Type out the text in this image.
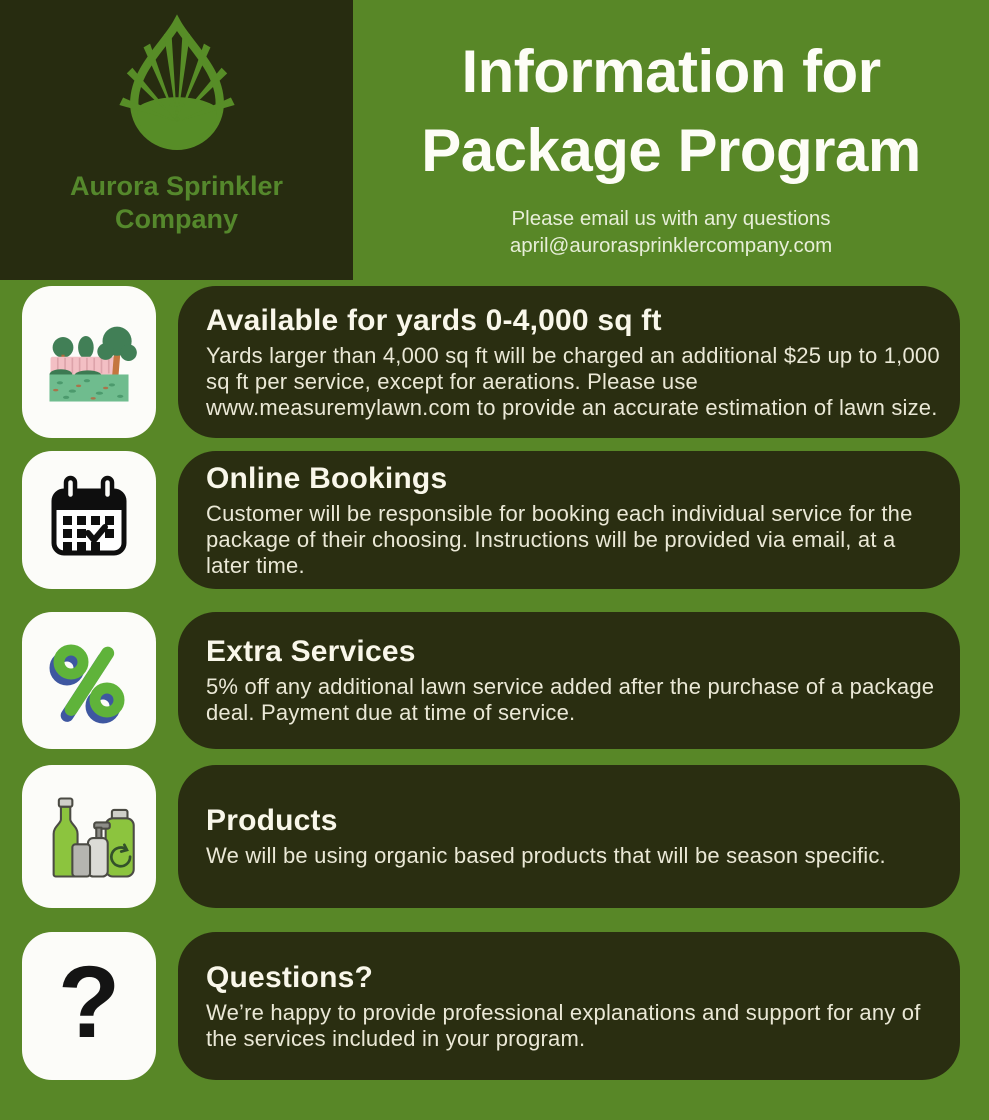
Aurora Sprinkler
Company
Information for
Package Program
Please email us with any questions
april@aurorasprinklercompany.com
Available for yards 0-4,000 sq ft

Yards larger than 4,000 sq ft will be charged an additional $25 up to 1,000 sq ft per service, except for aerations. Please use www.measuremylawn.com to provide an accurate estimation of lawn size.

Online Bookings

Customer will be responsible for booking each individual service for the package of their choosing. Instructions will be provided via email, at a later time.

Extra Services

5% off any additional lawn service added after the purchase of a package deal. Payment due at time of service.

Products

We will be using organic based products that will be season specific.

?	Questions?

We’re happy to provide professional explanations and support for any of the services included in your program.
